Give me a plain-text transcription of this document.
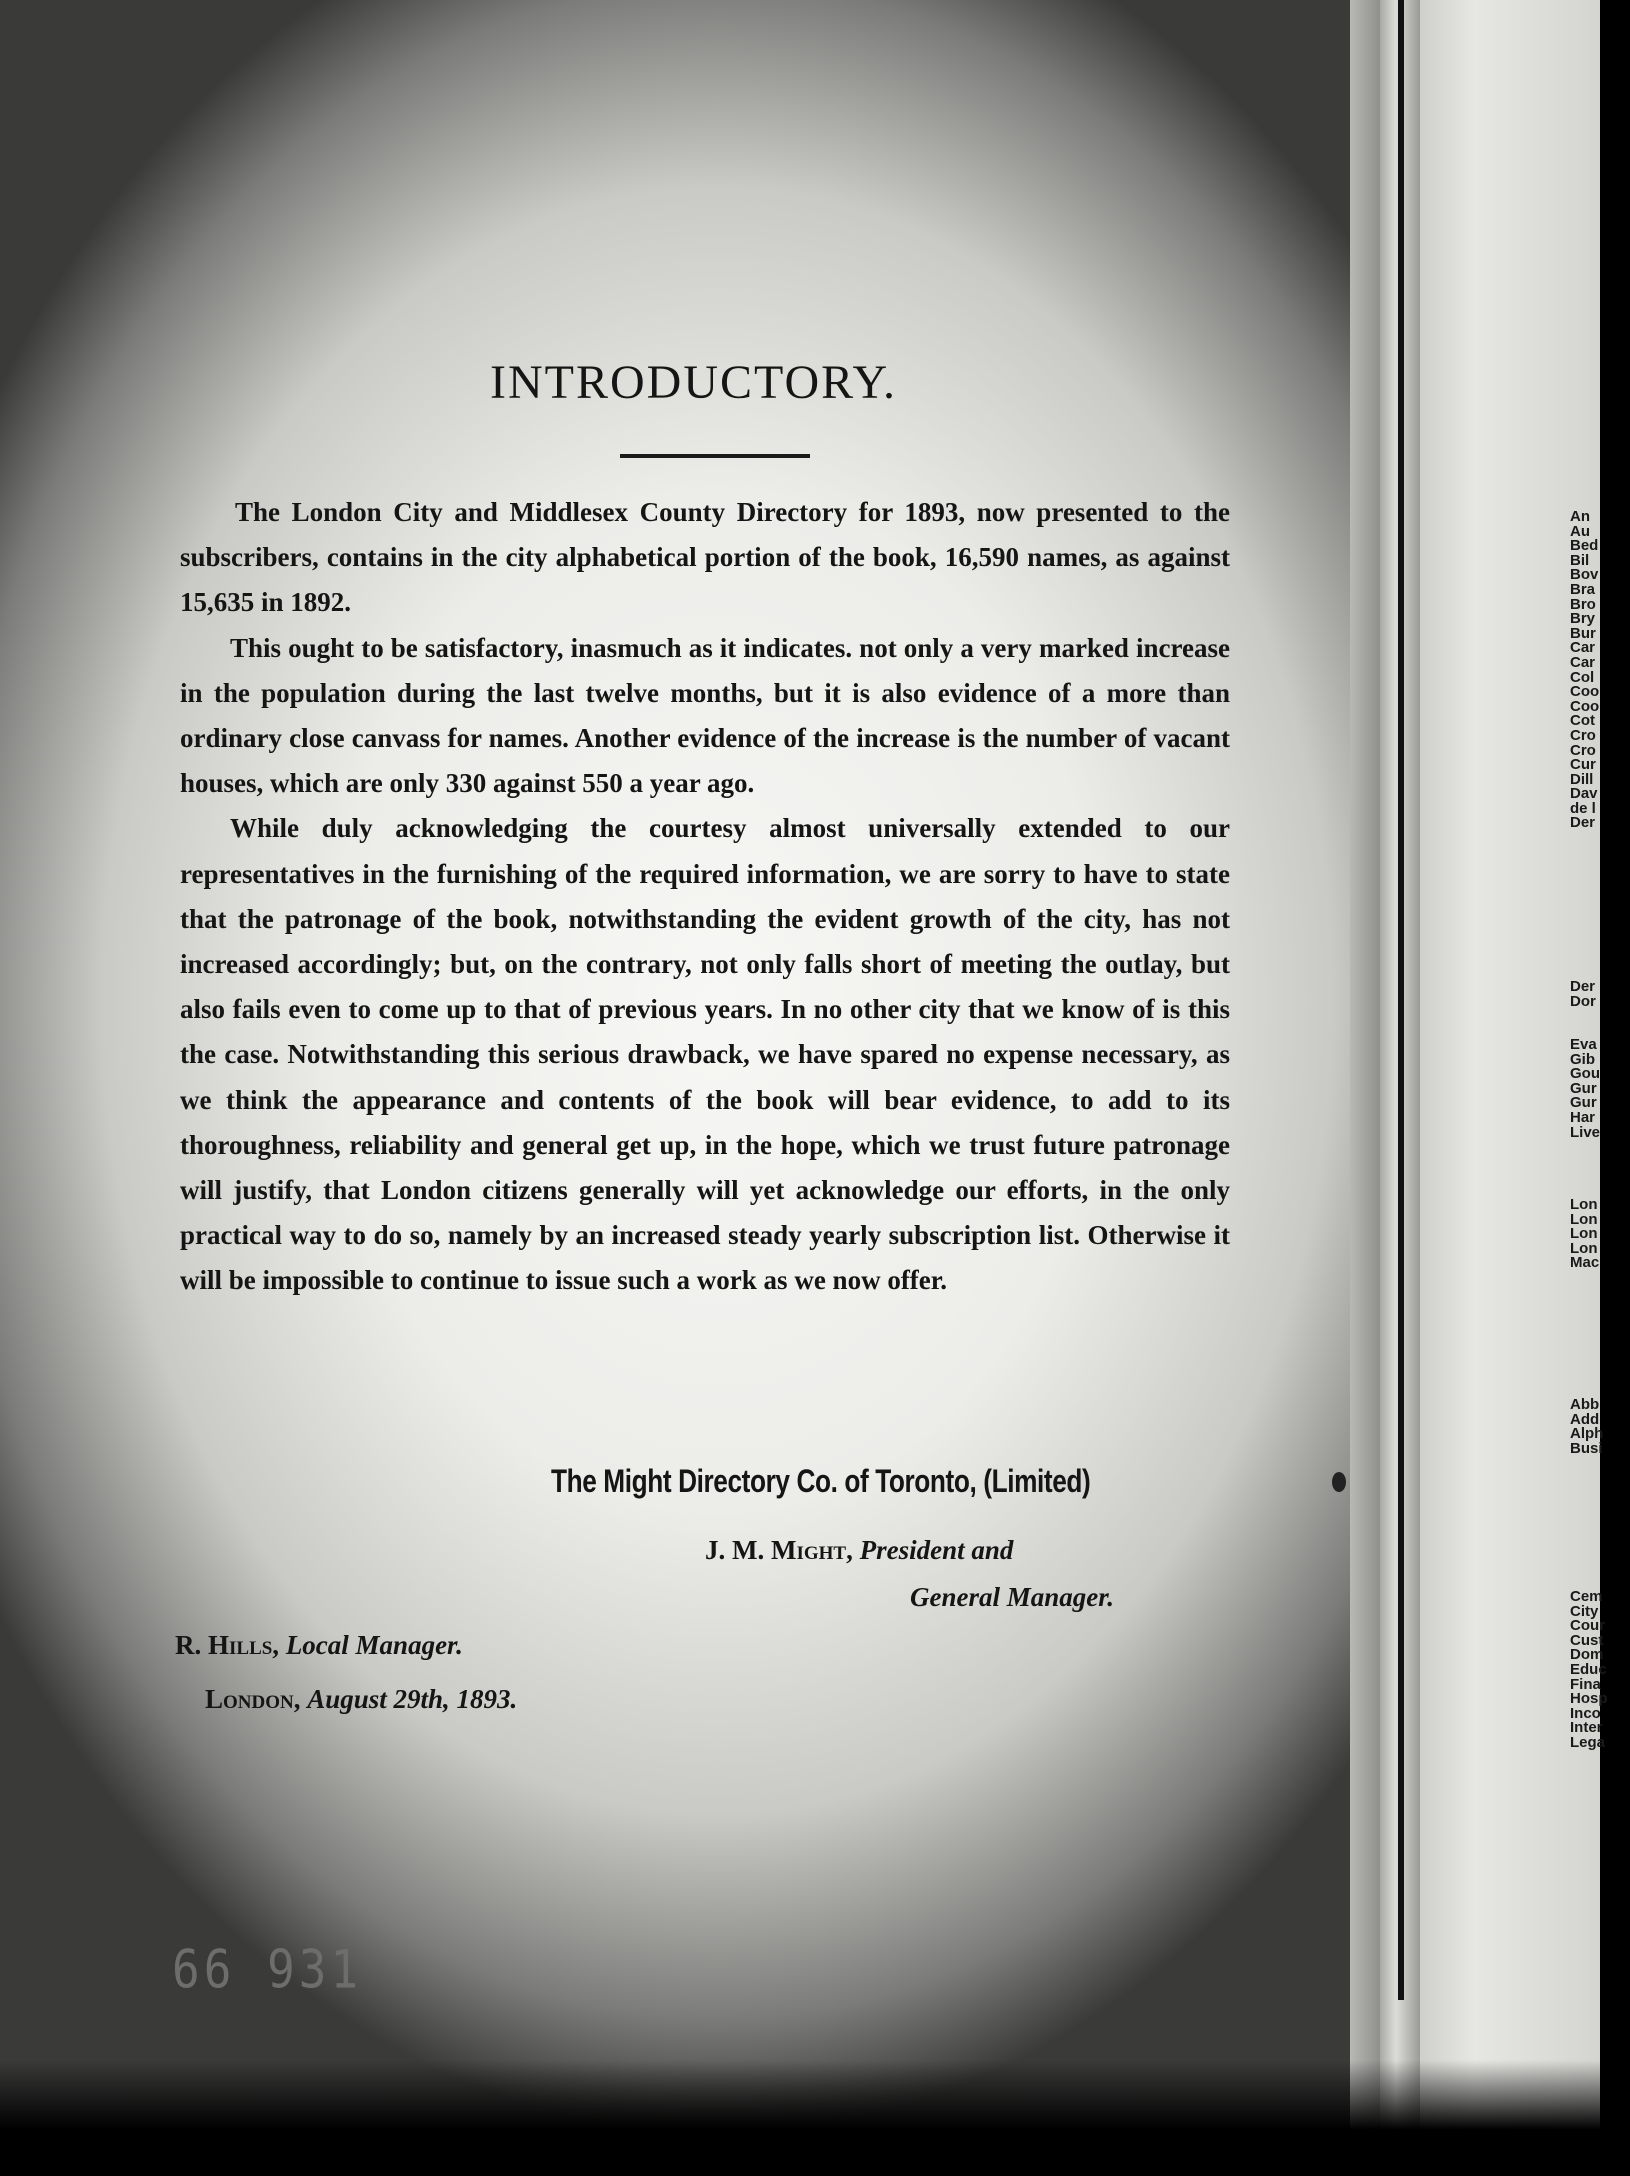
An
Au
Bed
Bil
Bov
Bra
Bro
Bry
Bur
Car
Car
Col
Coo
Coo
Cot
Cro
Cro
Cur
Dill
Dav
de l
Der
Der
Dor
Eva
Gib
Gou
Gur
Gur
Har
Live
Lon
Lon
Lon
Lon
Mac
Abb
Add
Alph
Busi
Cem
City
Cour
Cust
Dom
Educ
Fina
Hosp
Inco
Inter
Lega
INTRODUCTORY.

The London City and Middlesex County Directory for 1893, now presented to the subscribers, contains in the city alphabetical portion of the book, 16,590 names, as against 15,635 in 1892.

This ought to be satisfactory, inasmuch as it indicates. not only a very marked increase in the population during the last twelve months, but it is also evidence of a more than ordinary close canvass for names. Another evidence of the increase is the number of vacant houses, which are only 330 against 550 a year ago.

While duly acknowledging the courtesy almost universally extended to our representatives in the furnishing of the required information, we are sorry to have to state that the patronage of the book, notwithstanding the evident growth of the city, has not increased accordingly; but, on the contrary, not only falls short of meeting the outlay, but also fails even to come up to that of previous years. In no other city that we know of is this the case. Notwithstanding this serious drawback, we have spared no expense necessary, as we think the appearance and contents of the book will bear evidence, to add to its thoroughness, reliability and general get up, in the hope, which we trust future patronage will justify, that London citizens generally will yet acknowledge our efforts, in the only practical way to do so, namely by an increased steady yearly subscription list. Otherwise it will be impossible to continue to issue such a work as we now offer.

The Might Directory Co. of Toronto, (Limited)
J. M. Might, President and
General Manager.
R. Hills, Local Manager.
London, August 29th, 1893.
66 931
